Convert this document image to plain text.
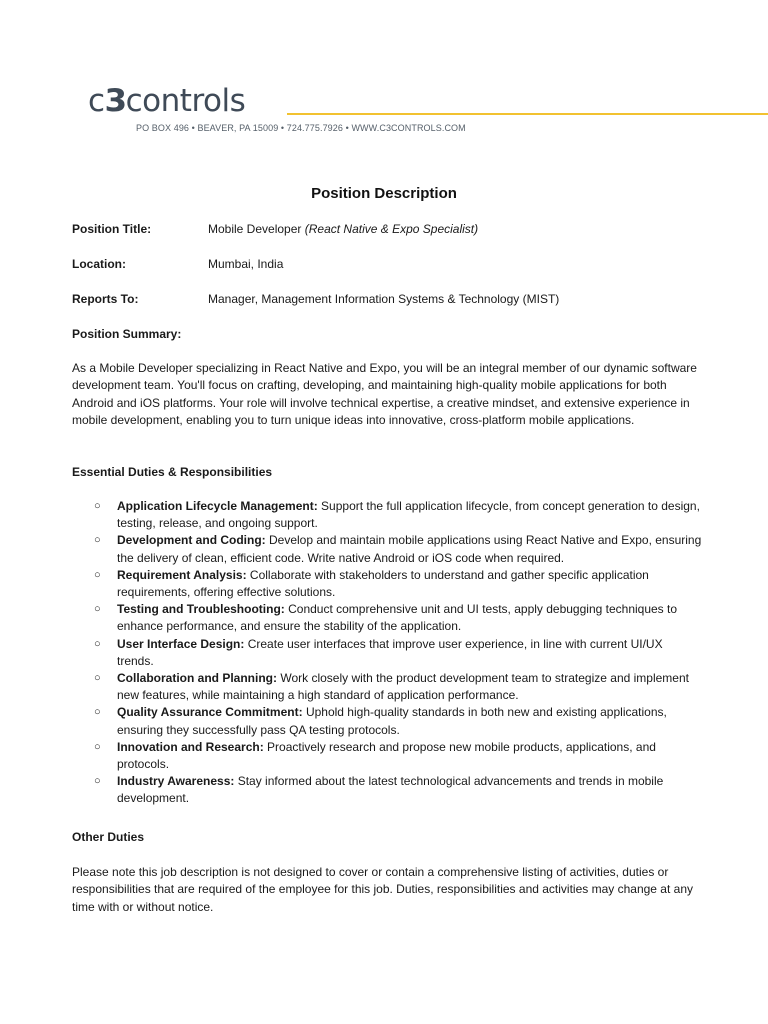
c3controls
PO BOX 496 • BEAVER, PA 15009 • 724.775.7926 • WWW.C3CONTROLS.COM
Position Description
Position Title:	Mobile Developer (React Native & Expo Specialist)
Location:	Mumbai, India
Reports To:	Manager, Management Information Systems & Technology (MIST)
Position Summary:

As a Mobile Developer specializing in React Native and Expo, you will be an integral member of our dynamic software development team. You'll focus on crafting, developing, and maintaining high-quality mobile applications for both Android and iOS platforms. Your role will involve technical expertise, a creative mindset, and extensive experience in mobile development, enabling you to turn unique ideas into innovative, cross-platform mobile applications.

Essential Duties & Responsibilities
○ Application Lifecycle Management: Support the full application lifecycle, from concept generation to design, testing, release, and ongoing support.
○ Development and Coding: Develop and maintain mobile applications using React Native and Expo, ensuring the delivery of clean, efficient code. Write native Android or iOS code when required.
○ Requirement Analysis: Collaborate with stakeholders to understand and gather specific application requirements, offering effective solutions.
○ Testing and Troubleshooting: Conduct comprehensive unit and UI tests, apply debugging techniques to enhance performance, and ensure the stability of the application.
○ User Interface Design: Create user interfaces that improve user experience, in line with current UI/UX trends.
○ Collaboration and Planning: Work closely with the product development team to strategize and implement new features, while maintaining a high standard of application performance.
○ Quality Assurance Commitment: Uphold high-quality standards in both new and existing applications, ensuring they successfully pass QA testing protocols.
○ Innovation and Research: Proactively research and propose new mobile products, applications, and protocols.
○ Industry Awareness: Stay informed about the latest technological advancements and trends in mobile development.
Other Duties

Please note this job description is not designed to cover or contain a comprehensive listing of activities, duties or responsibilities that are required of the employee for this job. Duties, responsibilities and activities may change at any time with or without notice.
